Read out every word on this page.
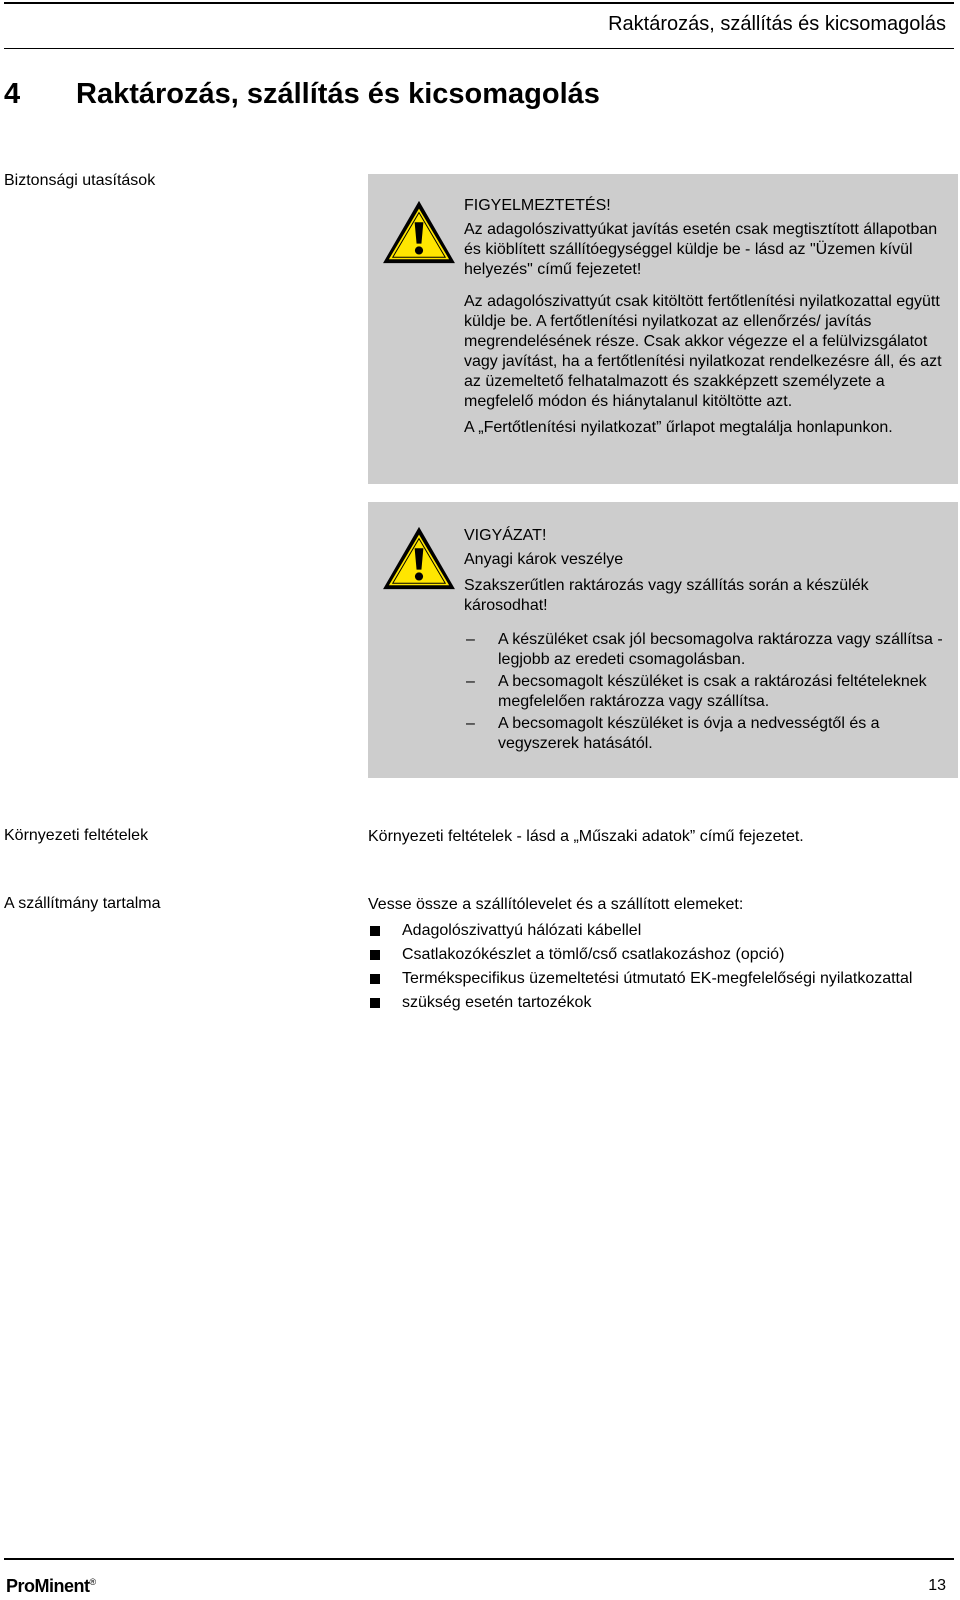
Raktározás, szállítás és kicsomagolás
4 Raktározás, szállítás és kicsomagolás
Biztonsági utasítások

FIGYELMEZTETÉS!

Az adagolószivattyúkat javítás esetén csak megtisztított állapotban és kiöblített szállítóegységgel küldje be - lásd az "Üzemen kívül helyezés" című fejezetet!

Az adagolószivattyút csak kitöltött fertőtlenítési nyilatkozattal együtt küldje be. A fertőtlenítési nyilatkozat az ellenőrzés/ javítás megrendelésének része. Csak akkor végezze el a felülvizsgálatot vagy javítást, ha a fertőtlenítési nyilatkozat rendelkezésre áll, és azt az üzemeltető felhatalmazott és szakképzett személyzete a megfelelő módon és hiánytalanul kitöltötte azt.

A „Fertőtlenítési nyilatkozat” űrlapot megtalálja honlapunkon.

VIGYÁZAT!

Anyagi károk veszélye

Szakszerűtlen raktározás vagy szállítás során a készülék károsodhat!

– A készüléket csak jól becsomagolva raktározza vagy szállítsa - legjobb az eredeti csomagolásban.
– A becsomagolt készüléket is csak a raktározási feltételeknek megfelelően raktározza vagy szállítsa.
– A becsomagolt készüléket is óvja a nedvességtől és a vegyszerek hatásától.
Környezeti feltételek	Környezeti feltételek - lásd a „Műszaki adatok” című fejezetet.
A szállítmány tartalma	Vesse össze a szállítólevelet és a szállított elemeket:
Adagolószivattyú hálózati kábellel
Csatlakozókészlet a tömlő/cső csatlakozáshoz (opció)
Termékspecifikus üzemeltetési útmutató EK-megfelelőségi nyilatkozattal
szükség esetén tartozékok
ProMinent®	13
